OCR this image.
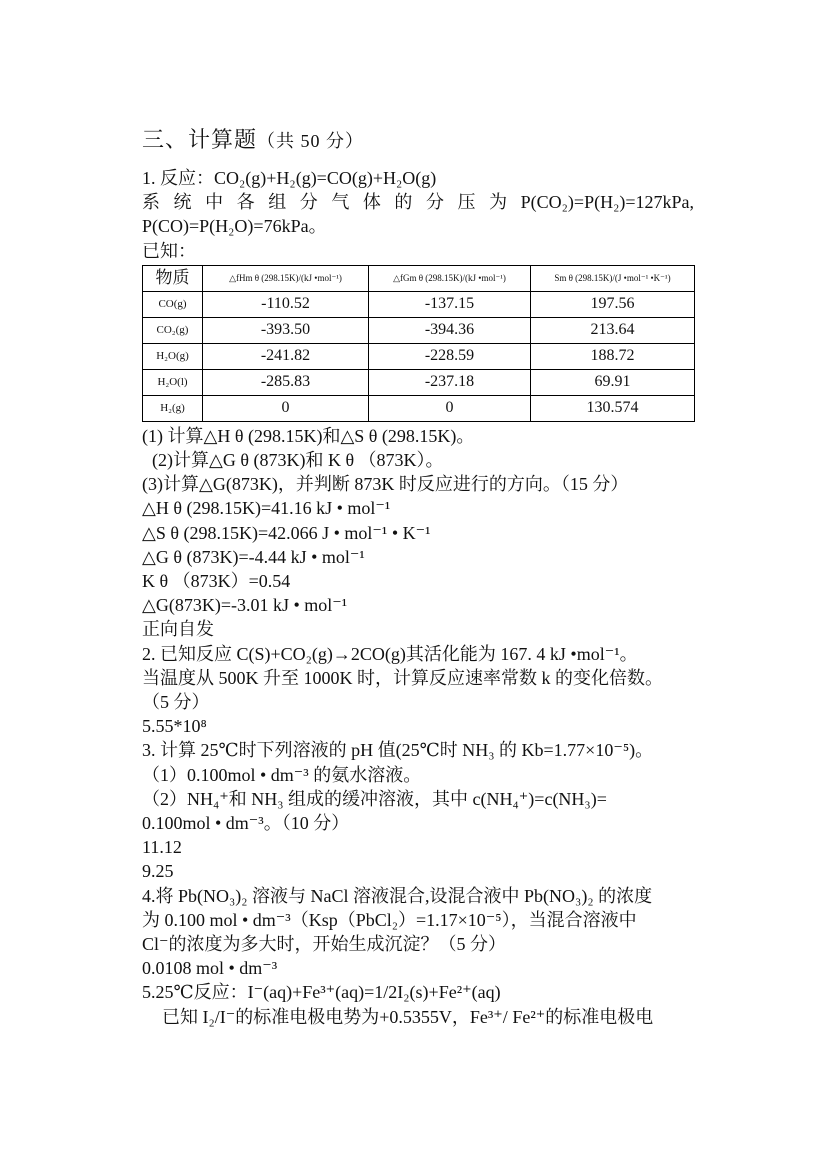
三、计算题（共 50 分）
1. 反应：CO₂(g)+H₂(g)=CO(g)+H₂O(g)
系 统 中 各 组 分 气 体 的 分 压 为 P(CO₂)=P(H₂)=127kPa,
P(CO)=P(H₂O)=76kPa。
已知：
物质	△fHm θ (298.15K)/(kJ •mol⁻¹)	△fGm θ (298.15K)/(kJ •mol⁻¹)	Sm θ (298.15K)/(J •mol⁻¹ •K⁻¹)
CO(g)	-110.52	-137.15	197.56
CO₂(g)	-393.50	-394.36	213.64
H₂O(g)	-241.82	-228.59	188.72
H₂O(l)	-285.83	-237.18	69.91
H₂(g)	0	0	130.574
(1) 计算△H θ (298.15K)和△S θ (298.15K)。
(2)计算△G θ (873K)和 K θ （873K）。
(3)计算△G(873K)，并判断 873K 时反应进行的方向。（15 分）
△H θ (298.15K)=41.16 kJ • mol⁻¹
△S θ (298.15K)=42.066 J • mol⁻¹ • K⁻¹
△G θ (873K)=-4.44 kJ • mol⁻¹
K θ （873K）=0.54
△G(873K)=-3.01 kJ • mol⁻¹
正向自发
2. 已知反应 C(S)+CO₂(g)→2CO(g)其活化能为 167. 4 kJ •mol⁻¹。
当温度从 500K 升至 1000K 时，计算反应速率常数 k 的变化倍数。
（5 分）
5.55*10⁸
3. 计算 25℃时下列溶液的 pH 值(25℃时 NH₃ 的 Kb=1.77×10⁻⁵)。
（1）0.100mol • dm⁻³ 的氨水溶液。
（2）NH₄⁺和 NH₃ 组成的缓冲溶液，其中 c(NH₄⁺)=c(NH₃)=
0.100mol • dm⁻³。（10 分）
11.12
9.25
4.将 Pb(NO₃)₂ 溶液与 NaCl 溶液混合,设混合液中 Pb(NO₃)₂ 的浓度
为 0.100 mol • dm⁻³（Ksp（PbCl₂）=1.17×10⁻⁵），当混合溶液中
Cl⁻的浓度为多大时，开始生成沉淀？（5 分）
0.0108 mol • dm⁻³
5.25℃反应：I⁻(aq)+Fe³⁺(aq)=1/2I₂(s)+Fe²⁺(aq)
已知 I₂/I⁻的标准电极电势为+0.5355V，Fe³⁺/ Fe²⁺的标准电极电
